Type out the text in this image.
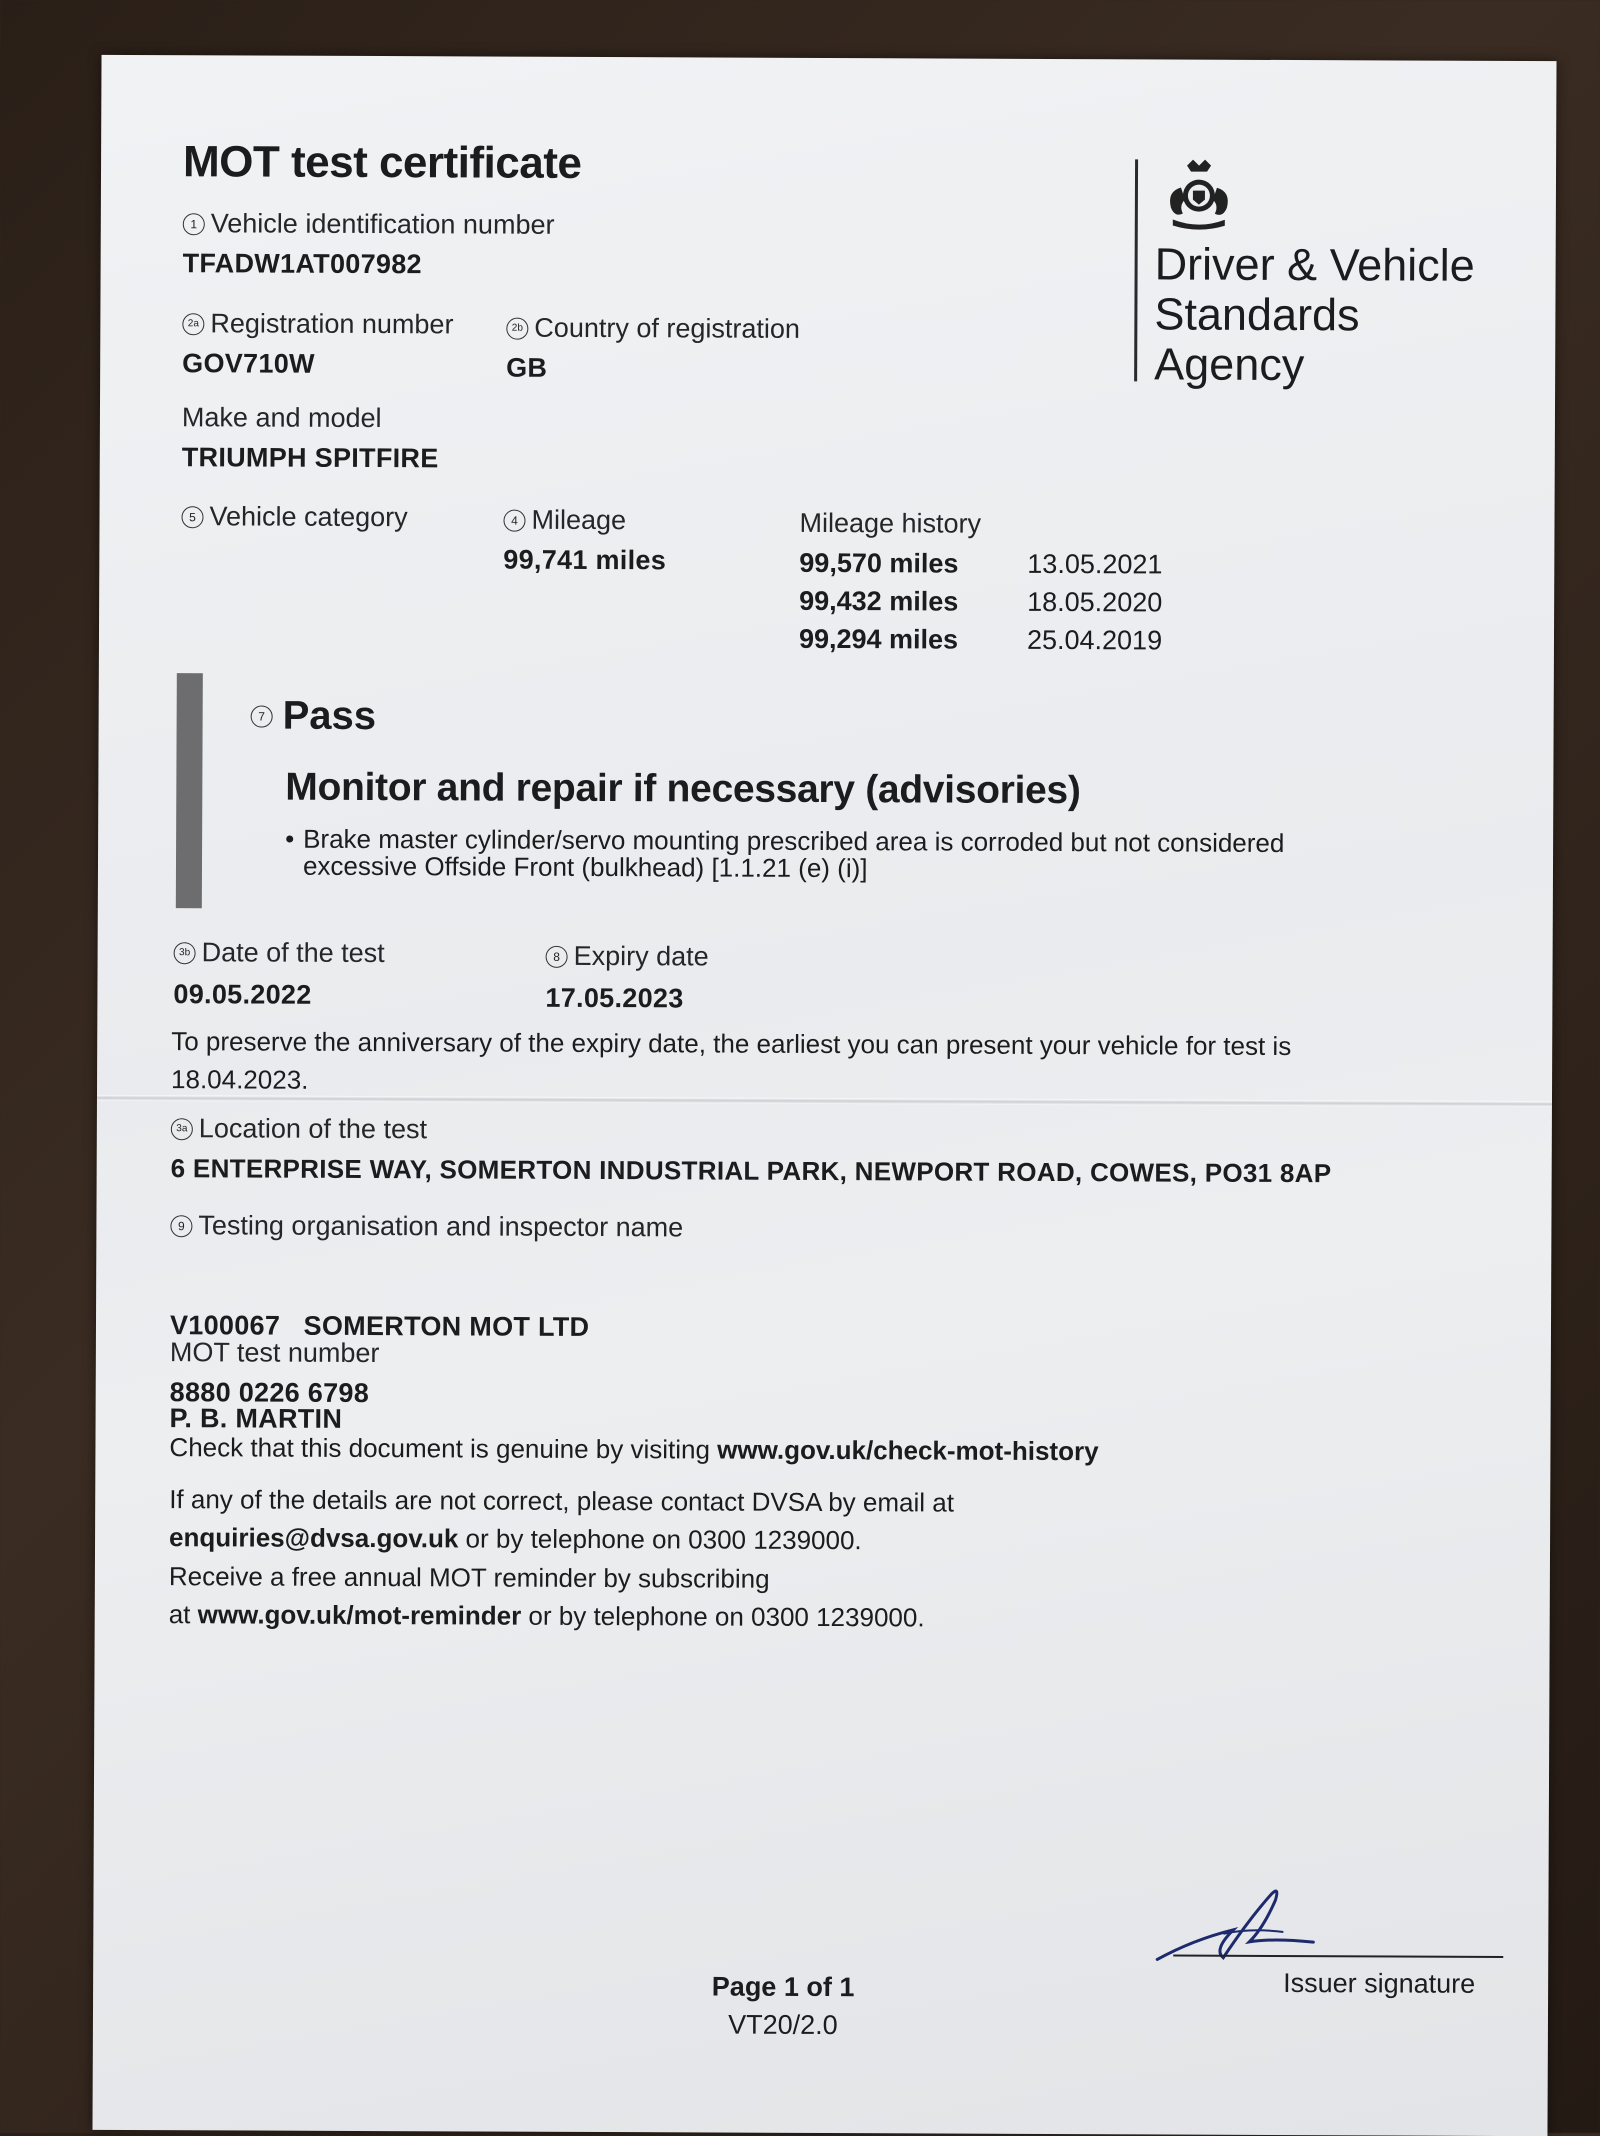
MOT test certificate
Driver & Vehicle
Standards
Agency
1 Vehicle identification number
TFADW1AT007982
2a Registration number
GOV710W
2b Country of registration
GB
Make and model
TRIUMPH SPITFIRE
5 Vehicle category	4 Mileage
99,741 miles
Mileage history
99,570 miles	13.05.2021
99,432 miles	18.05.2020
99,294 miles	25.04.2019
7 Pass
Monitor and repair if necessary (advisories)
• Brake master cylinder/servo mounting prescribed area is corroded but not considered
excessive Offside Front (bulkhead) [1.1.21 (e) (i)]
3b Date of the test
09.05.2022
8 Expiry date
17.05.2023
To preserve the anniversary of the expiry date, the earliest you can present your vehicle for test is
18.04.2023.
3a Location of the test
6 ENTERPRISE WAY, SOMERTON INDUSTRIAL PARK, NEWPORT ROAD, COWES, PO31 8AP
9 Testing organisation and inspector name

V100067   SOMERTON MOT LTD

P. B. MARTIN

MOT test number
8880 0226 6798
Check that this document is genuine by visiting www.gov.uk/check-mot-history
If any of the details are not correct, please contact DVSA by email at
enquiries@dvsa.gov.uk or by telephone on 0300 1239000.
Receive a free annual MOT reminder by subscribing
at www.gov.uk/mot-reminder or by telephone on 0300 1239000.
Issuer signature
Page 1 of 1
VT20/2.0
